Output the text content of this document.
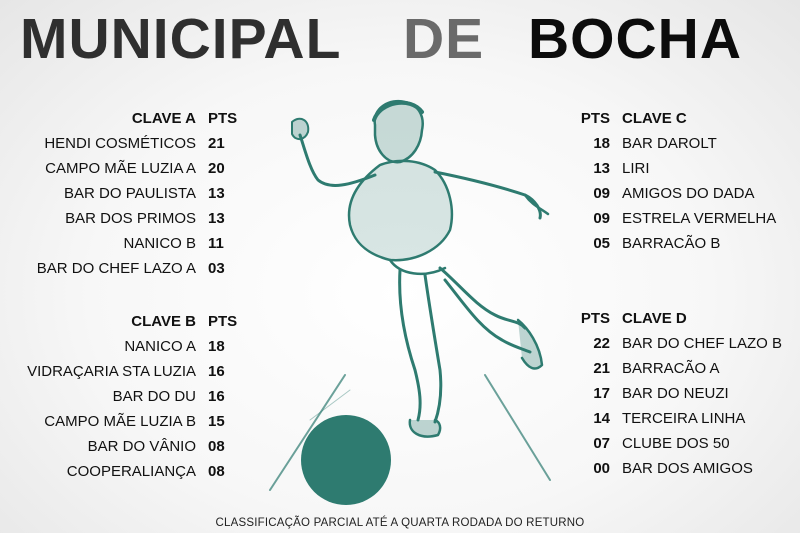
MUNICIPAL DE BOCHA
CLAVE A PTS
HENDI COSMÉTICOS 21
CAMPO MÃE LUZIA A 20
BAR DO PAULISTA 13
BAR DOS PRIMOS 13
NANICO B 11
BAR DO CHEF LAZO A 03
CLAVE B PTS
NANICO A 18
VIDRAÇARIA STA LUZIA 16
BAR DO DU 16
CAMPO MÃE LUZIA B 15
BAR DO VÂNIO 08
COOPERALIANÇA 08
PTS CLAVE C
18 BAR DAROLT
13 LIRI
09 AMIGOS DO DADA
09 ESTRELA VERMELHA
05 BARRACÃO B
PTS CLAVE D
22 BAR DO CHEF LAZO B
21 BARRACÃO A
17 BAR DO NEUZI
14 TERCEIRA LINHA
07 CLUBE DOS 50
00 BAR DOS AMIGOS
CLASSIFICAÇÃO PARCIAL ATÉ A QUARTA RODADA DO RETURNO
